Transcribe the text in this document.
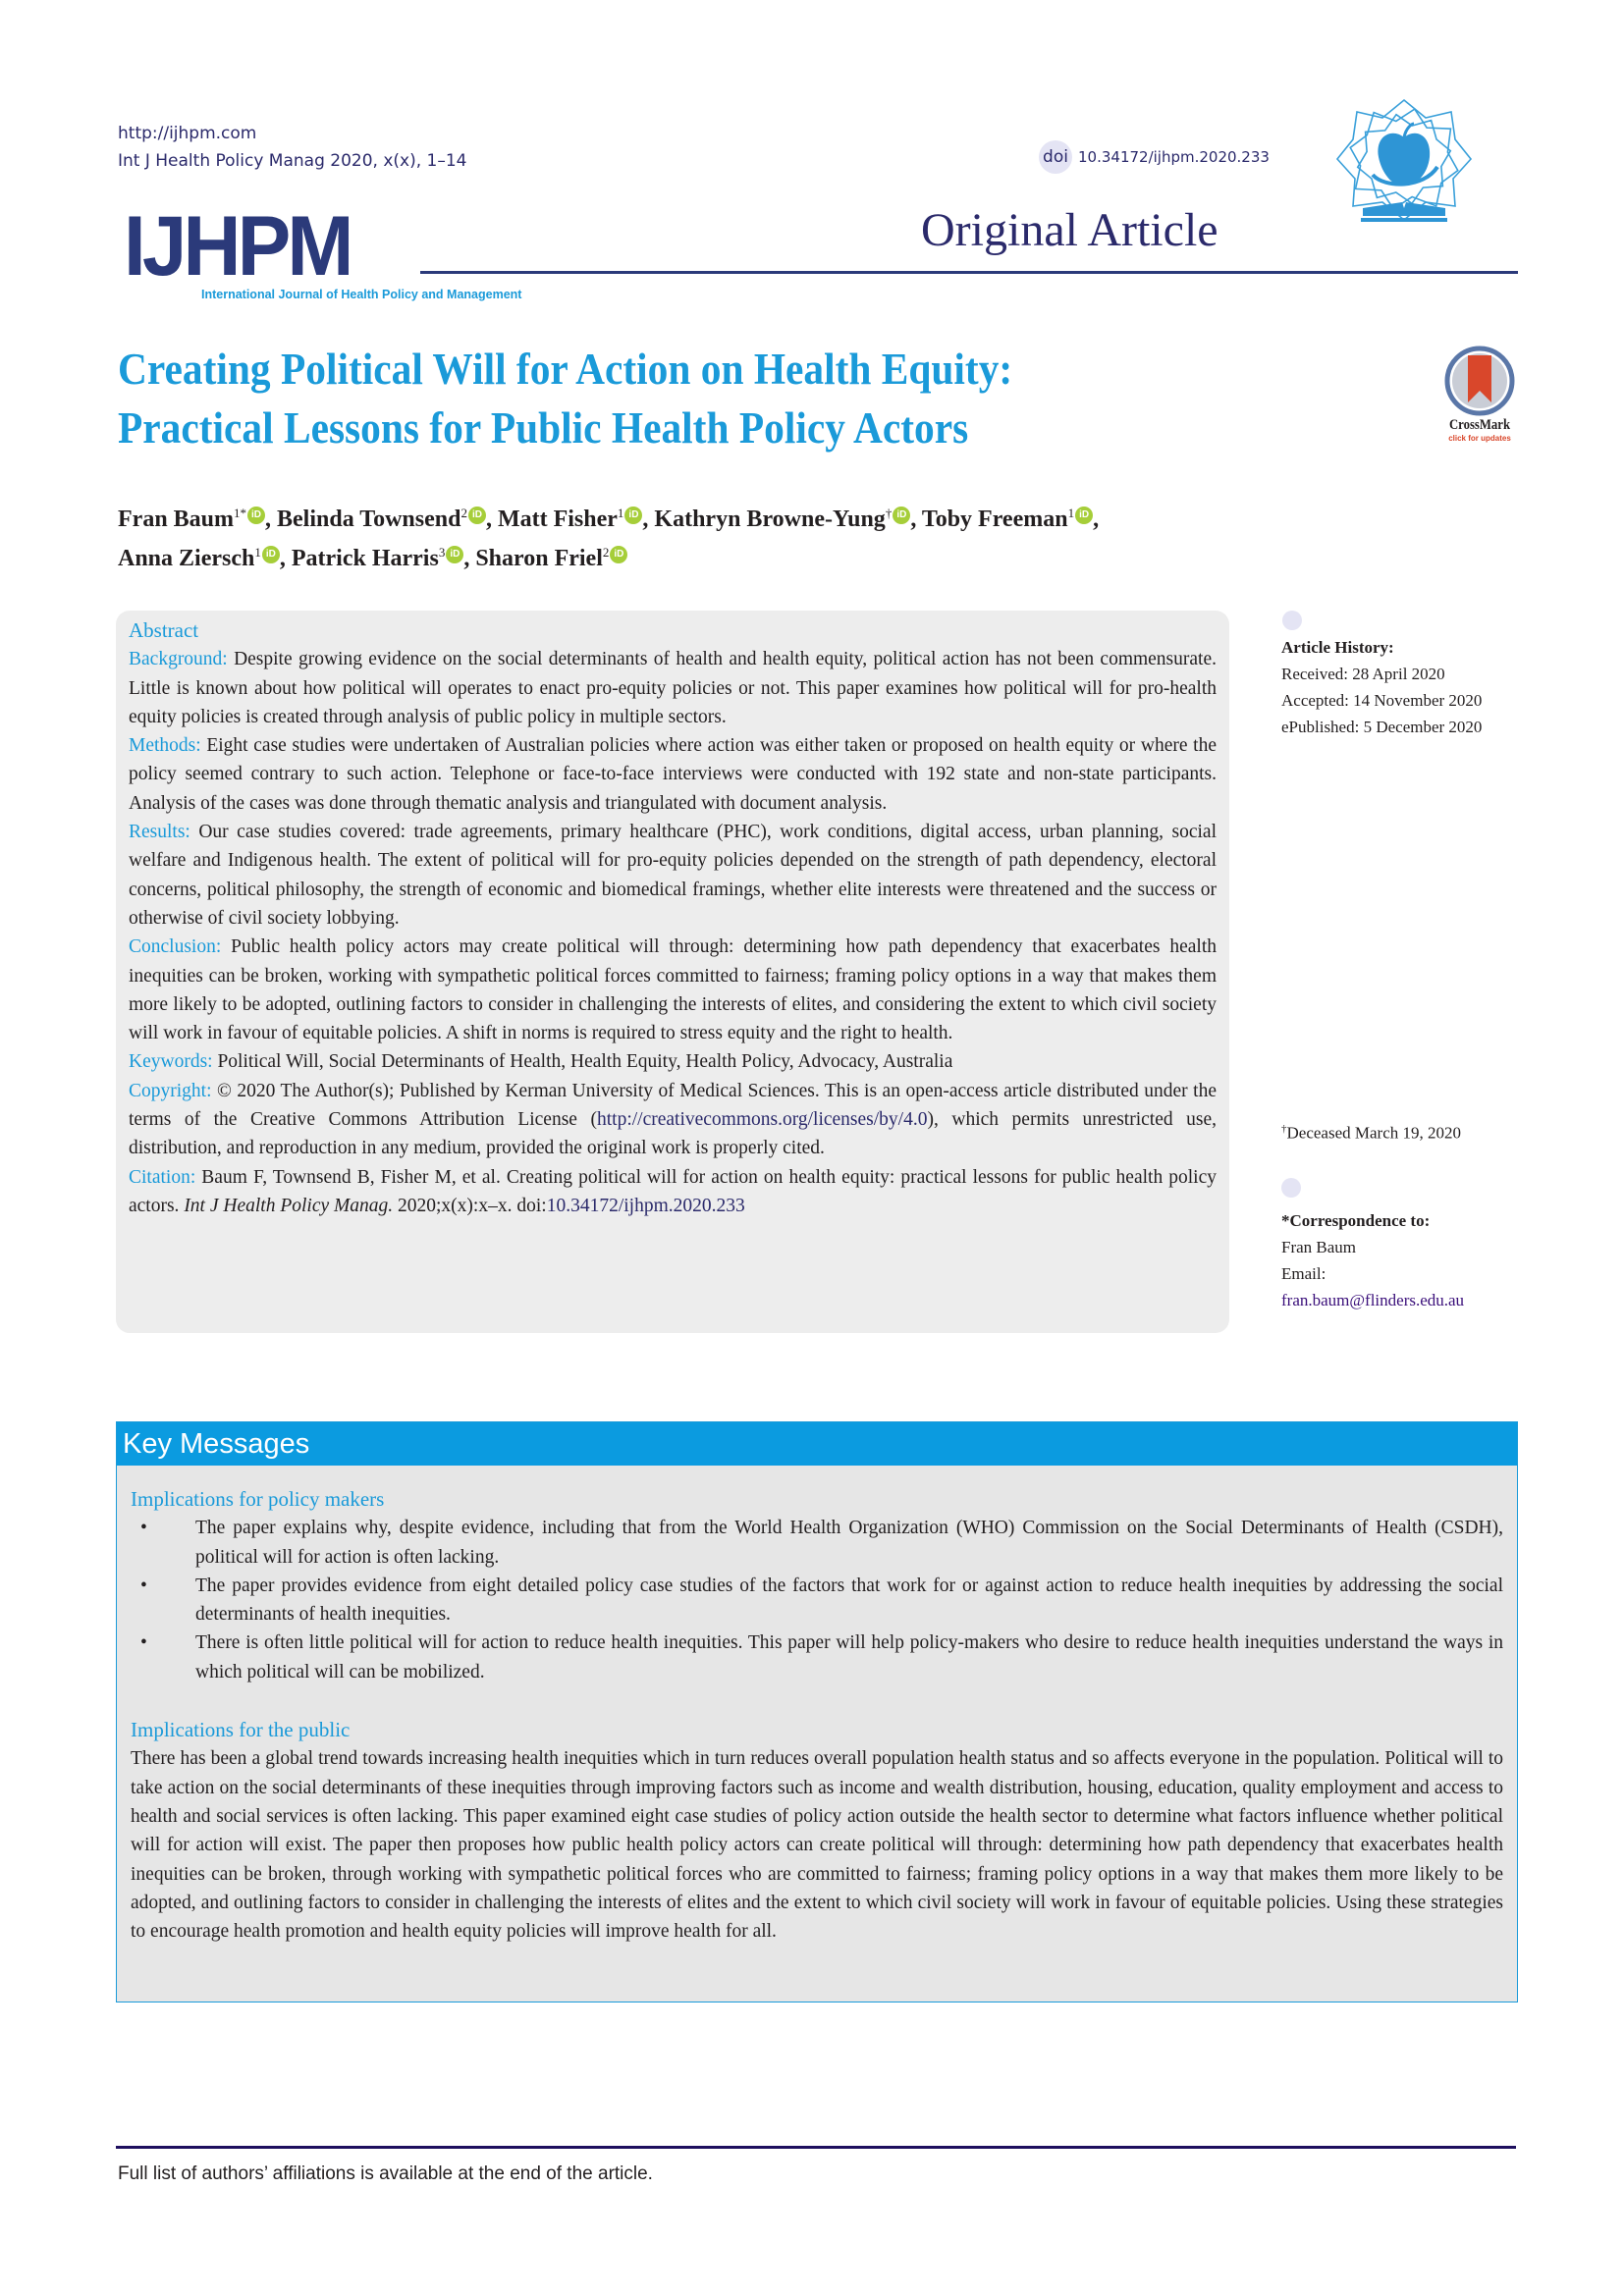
http://ijhpm.com
Int J Health Policy Manag 2020, x(x), 1–14
IJHPM
International Journal of Health Policy and Management
doi 10.34172/ijhpm.2020.233
Original Article
Creating Political Will for Action on Health Equity:
Practical Lessons for Public Health Policy Actors	CrossMark
click for updates
Fran Baum$^{1*}$ iD , Belinda Townsend$^2$ iD , Matt Fisher$^1$ iD , Kathryn Browne-Yung† iD , Toby Freeman$^1$ iD ,
Anna Ziersch$^1$ iD , Patrick Harris$^3$ iD , Sharon Friel$^2$ iD
Abstract
Background: Despite growing evidence on the social determinants of health and health equity, political action has not been commensurate. Little is known about how political will operates to enact pro-equity policies or not. This paper examines how political will for pro-health equity policies is created through analysis of public policy in multiple sectors.
Methods: Eight case studies were undertaken of Australian policies where action was either taken or proposed on health equity or where the policy seemed contrary to such action. Telephone or face-to-face interviews were conducted with 192 state and non-state participants. Analysis of the cases was done through thematic analysis and triangulated with document analysis.
Results: Our case studies covered: trade agreements, primary healthcare (PHC), work conditions, digital access, urban planning, social welfare and Indigenous health. The extent of political will for pro-equity policies depended on the strength of path dependency, electoral concerns, political philosophy, the strength of economic and biomedical framings, whether elite interests were threatened and the success or otherwise of civil society lobbying.
Conclusion: Public health policy actors may create political will through: determining how path dependency that exacerbates health inequities can be broken, working with sympathetic political forces committed to fairness; framing policy options in a way that makes them more likely to be adopted, outlining factors to consider in challenging the interests of elites, and considering the extent to which civil society will work in favour of equitable policies. A shift in norms is required to stress equity and the right to health.
Keywords: Political Will, Social Determinants of Health, Health Equity, Health Policy, Advocacy, Australia
Copyright: © 2020 The Author(s); Published by Kerman University of Medical Sciences. This is an open-access article distributed under the terms of the Creative Commons Attribution License (http://creativecommons.org/licenses/by/4.0), which permits unrestricted use, distribution, and reproduction in any medium, provided the original work is properly cited.
Citation: Baum F, Townsend B, Fisher M, et al. Creating political will for action on health equity: practical lessons for public health policy actors. Int J Health Policy Manag. 2020;x(x):x–x. doi:10.34172/ijhpm.2020.233
Article History:
Received: 28 April 2020
Accepted: 14 November 2020
ePublished: 5 December 2020
†Deceased March 19, 2020
*Correspondence to:
Fran Baum
Email:
fran.baum@flinders.edu.au
Key Messages
Implications for policy makers
•	The paper explains why, despite evidence, including that from the World Health Organization (WHO) Commission on the Social Determinants of Health (CSDH), political will for action is often lacking.
•	The paper provides evidence from eight detailed policy case studies of the factors that work for or against action to reduce health inequities by addressing the social determinants of health inequities.
•	There is often little political will for action to reduce health inequities. This paper will help policy-makers who desire to reduce health inequities understand the ways in which political will can be mobilized.
Implications for the public
There has been a global trend towards increasing health inequities which in turn reduces overall population health status and so affects everyone in the population. Political will to take action on the social determinants of these inequities through improving factors such as income and wealth distribution, housing, education, quality employment and access to health and social services is often lacking. This paper examined eight case studies of policy action outside the health sector to determine what factors influence whether political will for action will exist. The paper then proposes how public health policy actors can create political will through: determining how path dependency that exacerbates health inequities can be broken, through working with sympathetic political forces who are committed to fairness; framing policy options in a way that makes them more likely to be adopted, and outlining factors to consider in challenging the interests of elites and the extent to which civil society will work in favour of equitable policies. Using these strategies to encourage health promotion and health equity policies will improve health for all.
Full list of authors’ affiliations is available at the end of the article.
